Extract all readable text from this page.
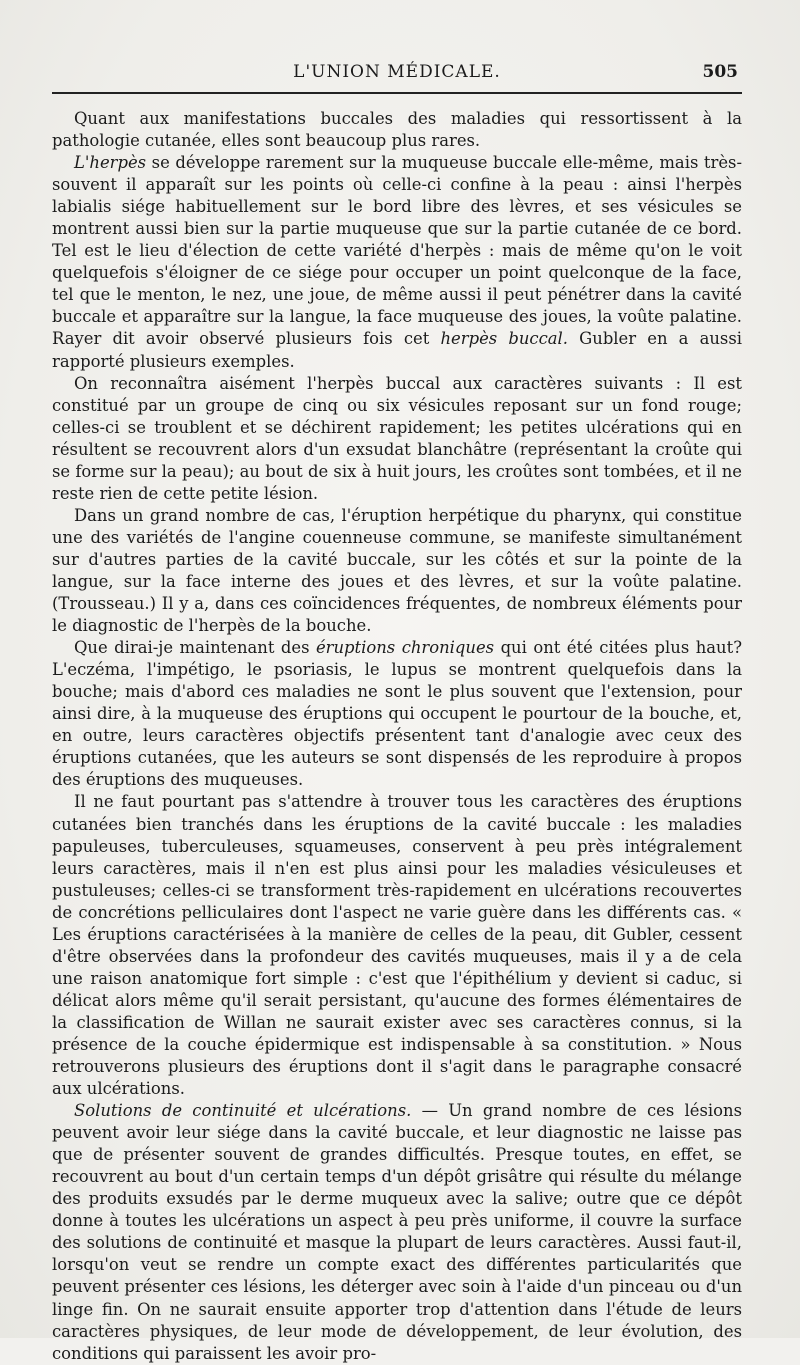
L'UNION MÉDICALE.	505

Quant aux manifestations buccales des maladies qui ressortissent à la pathologie cutanée, elles sont beaucoup plus rares.

L'herpès se développe rarement sur la muqueuse buccale elle-même, mais très-souvent il apparaît sur les points où celle-ci confine à la peau : ainsi l'herpès labialis siége habituellement sur le bord libre des lèvres, et ses vésicules se montrent aussi bien sur la partie muqueuse que sur la partie cutanée de ce bord. Tel est le lieu d'élection de cette variété d'herpès : mais de même qu'on le voit quelquefois s'éloigner de ce siége pour occuper un point quelconque de la face, tel que le menton, le nez, une joue, de même aussi il peut pénétrer dans la cavité buccale et apparaître sur la langue, la face muqueuse des joues, la voûte palatine. Rayer dit avoir observé plusieurs fois cet herpès buccal. Gubler en a aussi rapporté plusieurs exemples.

On reconnaîtra aisément l'herpès buccal aux caractères suivants : Il est constitué par un groupe de cinq ou six vésicules reposant sur un fond rouge; celles-ci se troublent et se déchirent rapidement; les petites ulcérations qui en résultent se recouvrent alors d'un exsudat blanchâtre (représentant la croûte qui se forme sur la peau); au bout de six à huit jours, les croûtes sont tombées, et il ne reste rien de cette petite lésion.

Dans un grand nombre de cas, l'éruption herpétique du pharynx, qui constitue une des variétés de l'angine couenneuse commune, se manifeste simultanément sur d'autres parties de la cavité buccale, sur les côtés et sur la pointe de la langue, sur la face interne des joues et des lèvres, et sur la voûte palatine. (Trousseau.) Il y a, dans ces coïncidences fréquentes, de nombreux éléments pour le diagnostic de l'herpès de la bouche.

Que dirai-je maintenant des éruptions chroniques qui ont été citées plus haut? L'eczéma, l'impétigo, le psoriasis, le lupus se montrent quelquefois dans la bouche; mais d'abord ces maladies ne sont le plus souvent que l'extension, pour ainsi dire, à la muqueuse des éruptions qui occupent le pourtour de la bouche, et, en outre, leurs caractères objectifs présentent tant d'analogie avec ceux des éruptions cutanées, que les auteurs se sont dispensés de les reproduire à propos des éruptions des muqueuses.

Il ne faut pourtant pas s'attendre à trouver tous les caractères des éruptions cutanées bien tranchés dans les éruptions de la cavité buccale : les maladies papuleuses, tuberculeuses, squameuses, conservent à peu près intégralement leurs caractères, mais il n'en est plus ainsi pour les maladies vésiculeuses et pustuleuses; celles-ci se transforment très-rapidement en ulcérations recouvertes de concrétions pelliculaires dont l'aspect ne varie guère dans les différents cas. « Les éruptions caractérisées à la manière de celles de la peau, dit Gubler, cessent d'être observées dans la profondeur des cavités muqueuses, mais il y a de cela une raison anatomique fort simple : c'est que l'épithélium y devient si caduc, si délicat alors même qu'il serait persistant, qu'aucune des formes élémentaires de la classification de Willan ne saurait exister avec ses caractères connus, si la présence de la couche épidermique est indispensable à sa constitution. » Nous retrouverons plusieurs des éruptions dont il s'agit dans le paragraphe consacré aux ulcérations.

Solutions de continuité et ulcérations. — Un grand nombre de ces lésions peuvent avoir leur siége dans la cavité buccale, et leur diagnostic ne laisse pas que de présenter souvent de grandes difficultés. Presque toutes, en effet, se recouvrent au bout d'un certain temps d'un dépôt grisâtre qui résulte du mélange des produits exsudés par le derme muqueux avec la salive; outre que ce dépôt donne à toutes les ulcérations un aspect à peu près uniforme, il couvre la surface des solutions de continuité et masque la plupart de leurs caractères. Aussi faut-il, lorsqu'on veut se rendre un compte exact des différentes particularités que peuvent présenter ces lésions, les déterger avec soin à l'aide d'un pinceau ou d'un linge fin. On ne saurait ensuite apporter trop d'attention dans l'étude de leurs caractères physiques, de leur mode de développement, de leur évolution, des conditions qui paraissent les avoir pro-
